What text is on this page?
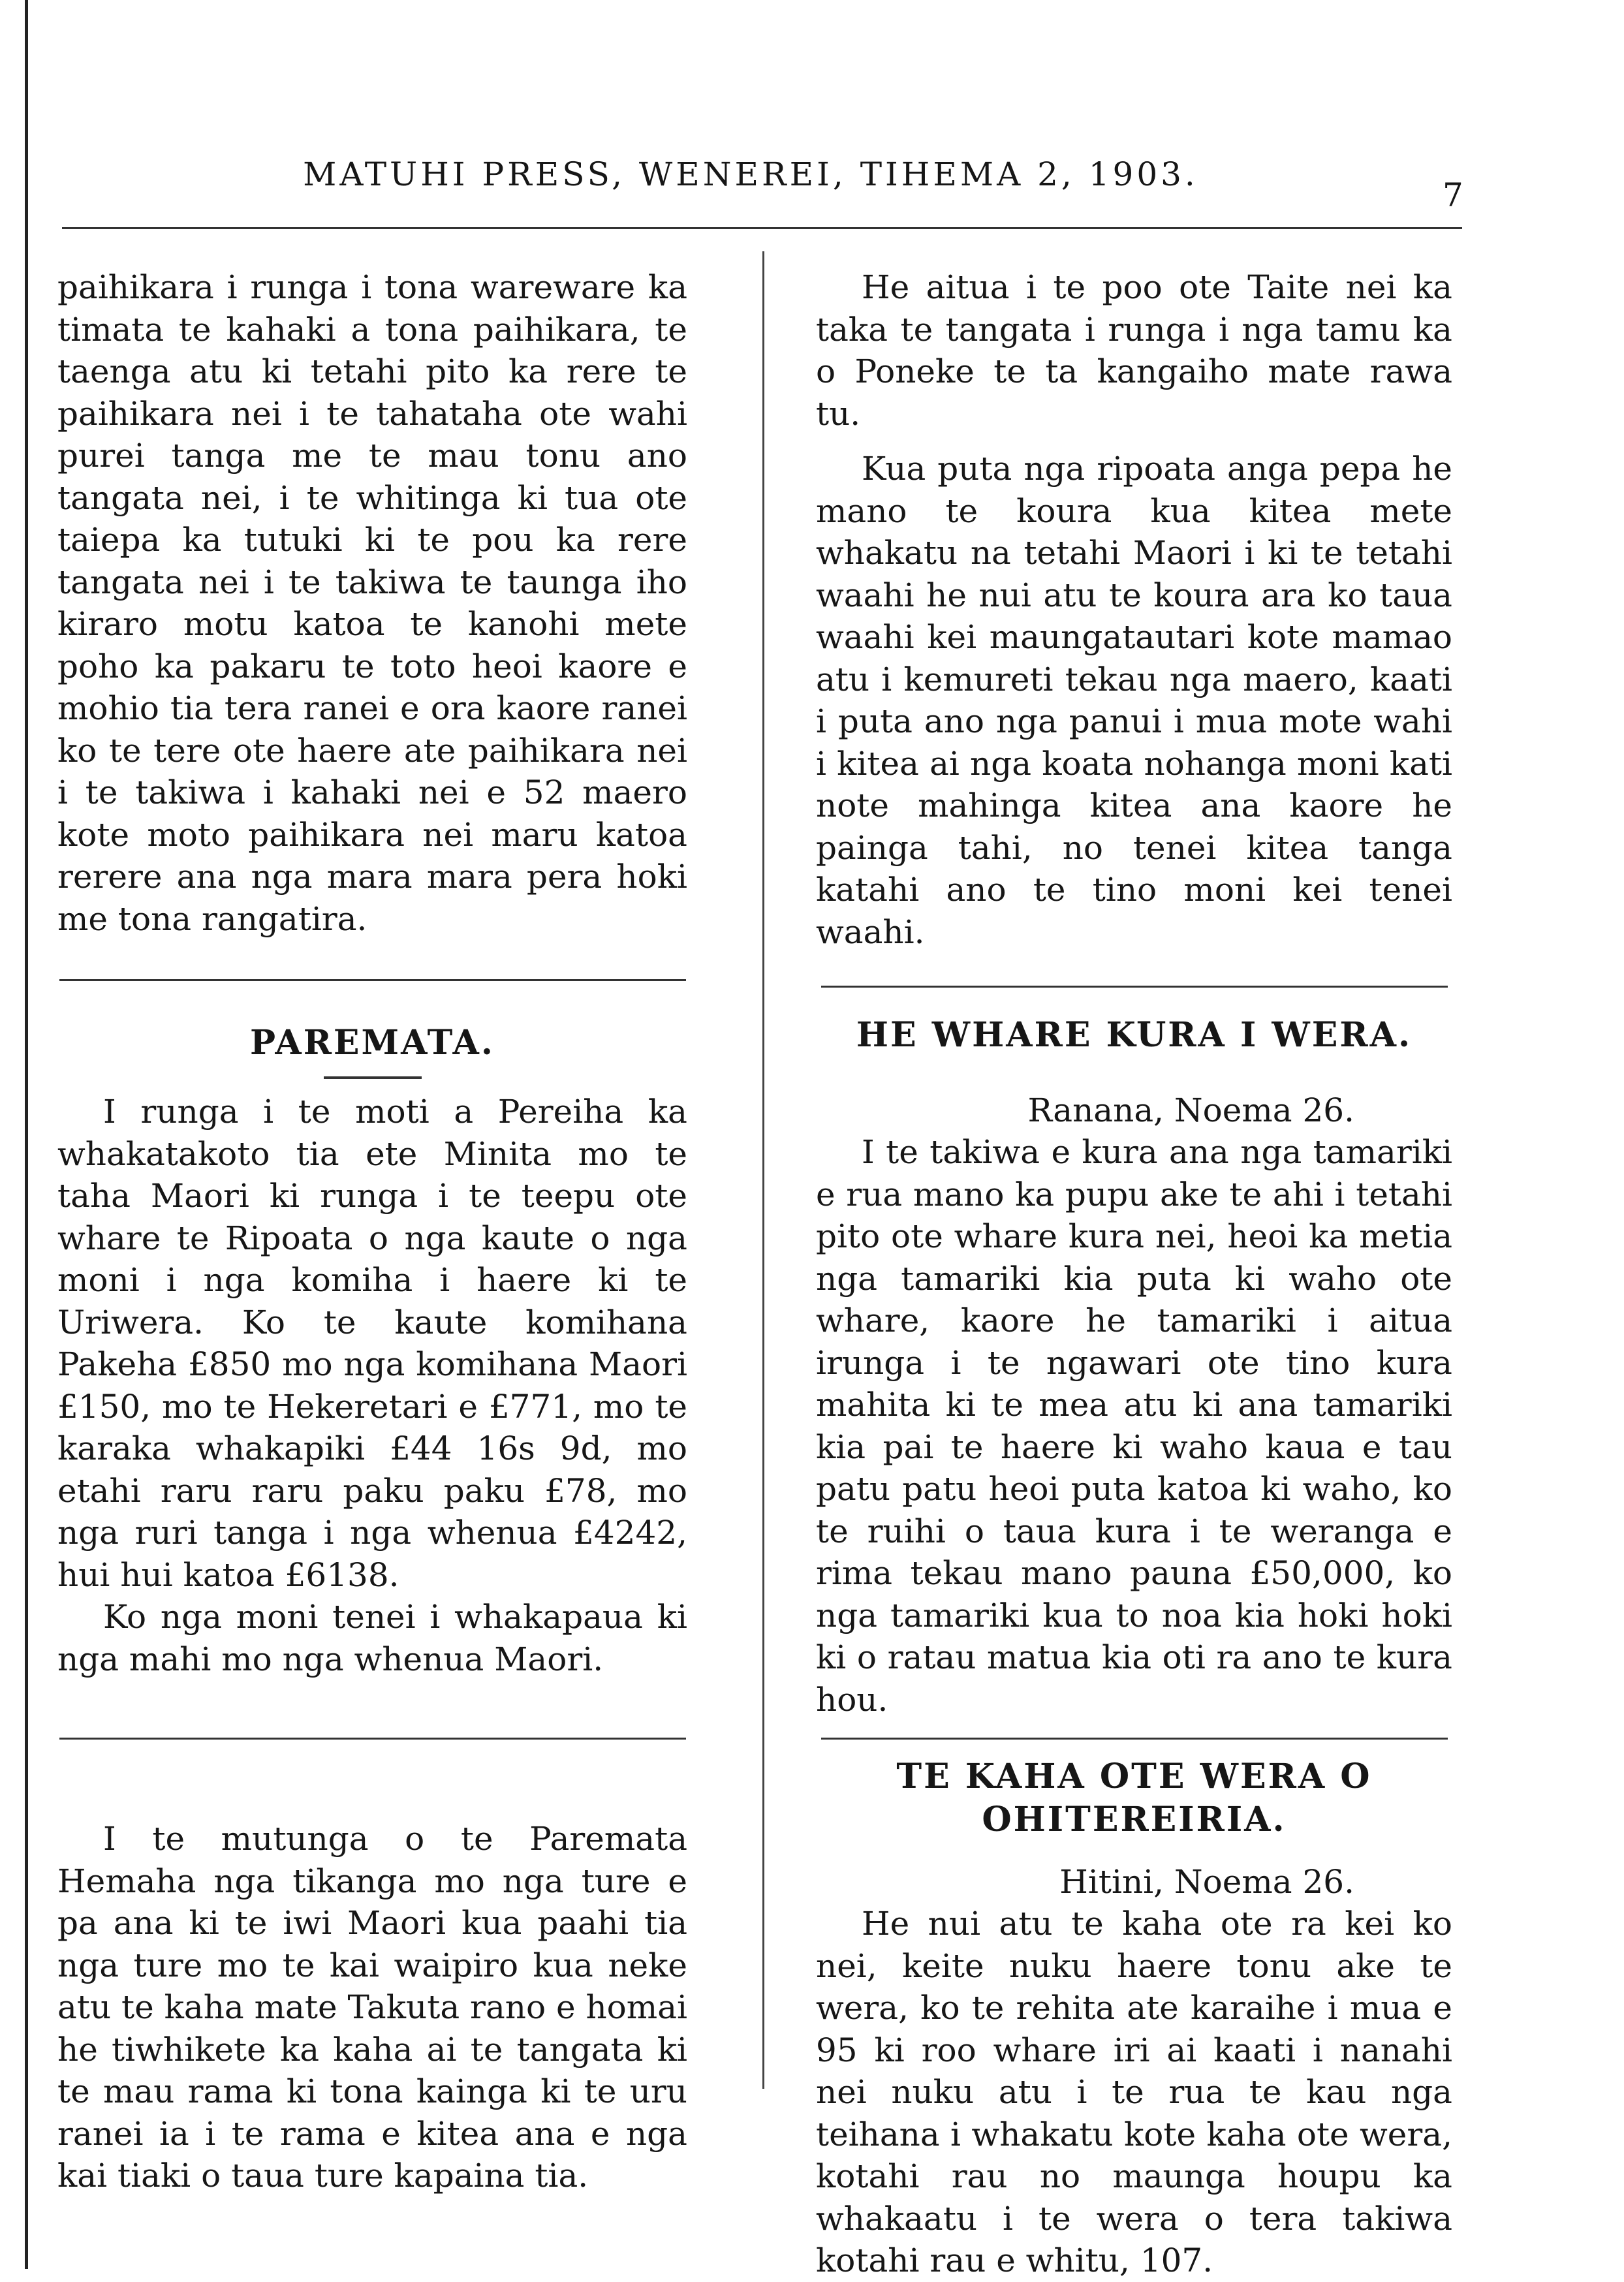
MATUHI PRESS, WENEREI, TIHEMA 2, 1903.
7

paihikara i runga i tona wareware ka timata te kahaki a tona paihikara, te taenga atu ki tetahi pito ka rere te paihikara nei i te tahataha ote wahi purei tanga me te mau tonu ano tangata nei, i te whitinga ki tua ote taiepa ka tutuki ki te pou ka rere tangata nei i te takiwa te taunga iho kiraro motu katoa te kanohi mete poho ka pakaru te toto heoi kaore e mohio tia tera ranei e ora kaore ranei ko te tere ote haere ate paihikara nei i te takiwa i kahaki nei e 52 maero kote moto paihikara nei maru katoa rerere ana nga mara mara pera hoki me tona rangatira.

PAREMATA.

I runga i te moti a Pereiha ka whakatakoto tia ete Minita mo te taha Maori ki runga i te teepu ote whare te Ripoata o nga kaute o nga moni i nga komiha i haere ki te Uriwera. Ko te kaute komihana Pakeha £850 mo nga komihana Maori £150, mo te Hekeretari e £771, mo te karaka whakapiki £44 16s 9d, mo etahi raru raru paku paku £78, mo nga ruri tanga i nga whenua £4242, hui hui katoa £6138.

Ko nga moni tenei i whakapaua ki nga mahi mo nga whenua Maori.

I te mutunga o te Paremata Hemaha nga tikanga mo nga ture e pa ana ki te iwi Maori kua paahi tia nga ture mo te kai waipiro kua neke atu te kaha mate Takuta rano e homai he tiwhikete ka kaha ai te tangata ki te mau rama ki tona kainga ki te uru ranei ia i te rama e kitea ana e nga kai tiaki o taua ture kapaina tia.

He aitua i te poo ote Taite nei ka taka te tangata i runga i nga tamu ka o Poneke te ta kangaiho mate rawa tu.

Kua puta nga ripoata anga pepa he mano te koura kua kitea mete whakatu na tetahi Maori i ki te tetahi waahi he nui atu te koura ara ko taua waahi kei maungatautari kote mamao atu i kemureti tekau nga maero, kaati i puta ano nga panui i mua mote wahi i kitea ai nga koata nohanga moni kati note mahinga kitea ana kaore he painga tahi, no tenei kitea tanga katahi ano te tino moni kei tenei waahi.

HE WHARE KURA I WERA.

Ranana, Noema 26.

I te takiwa e kura ana nga tamariki e rua mano ka pupu ake te ahi i tetahi pito ote whare kura nei, heoi ka metia nga tamariki kia puta ki waho ote whare, kaore he tamariki i aitua irunga i te ngawari ote tino kura mahita ki te mea atu ki ana tamariki kia pai te haere ki waho kaua e tau patu patu heoi puta katoa ki waho, ko te ruihi o taua kura i te weranga e rima tekau mano pauna £50,000, ko nga tamariki kua to noa kia hoki hoki ki o ratau matua kia oti ra ano te kura hou.

TE KAHA OTE WERA O OHITEREIRIA.

Hitini, Noema 26.

He nui atu te kaha ote ra kei ko nei, keite nuku haere tonu ake te wera, ko te rehita ate karaihe i mua e 95 ki roo whare iri ai kaati i nanahi nei nuku atu i te rua te kau nga teihana i whakatu kote kaha ote wera, kotahi rau no maunga houpu ka whakaatu i te wera o tera takiwa kotahi rau e whitu, 107.
